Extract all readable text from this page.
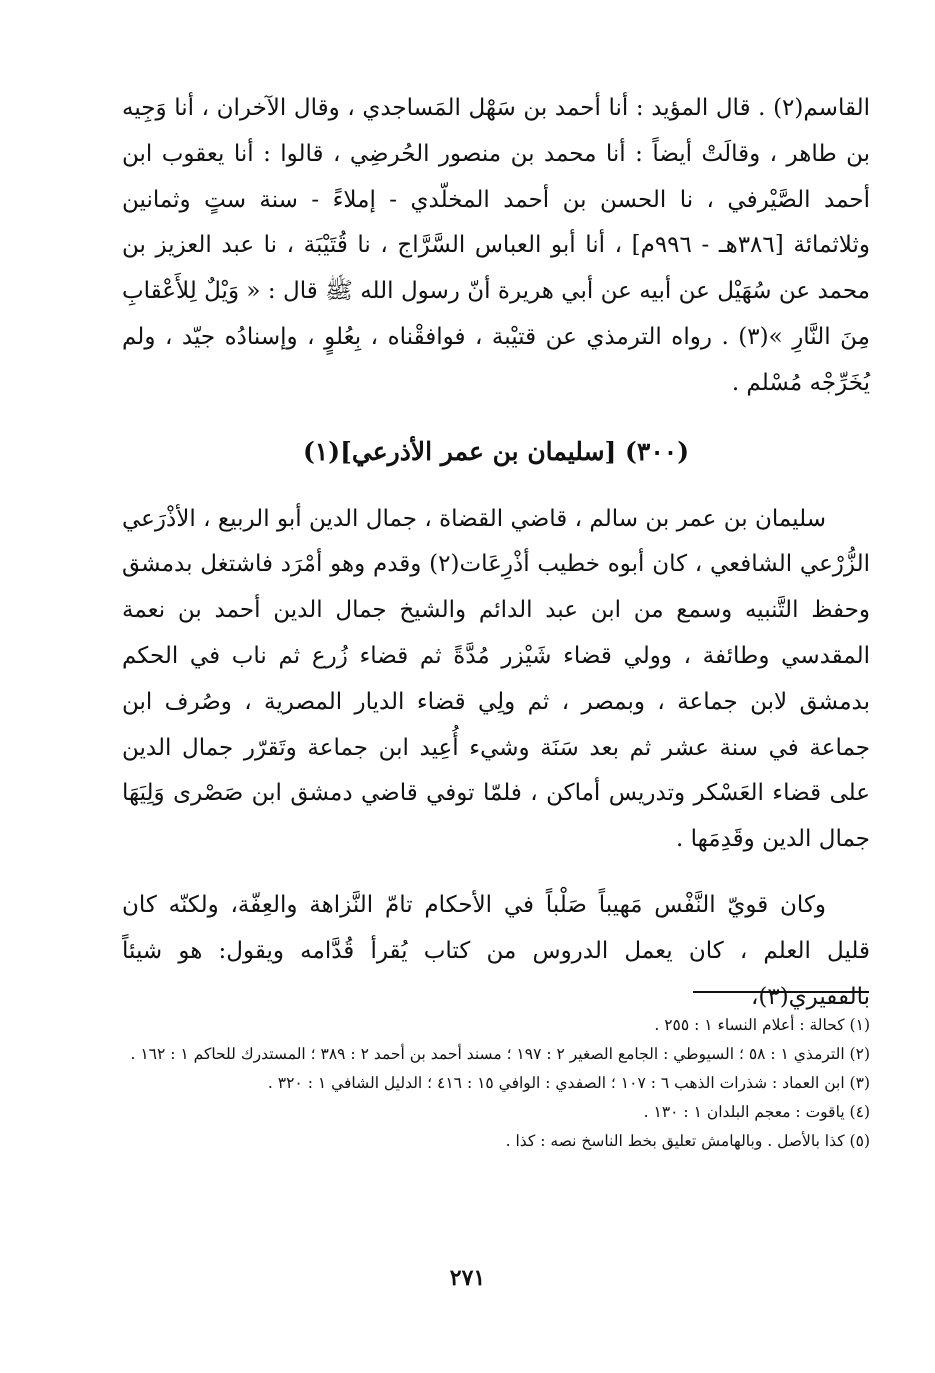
القاسم(٢) . قال المؤيد : أنا أحمد بن سَهْل المَساجدي ، وقال الآخران ، أنا وَجِيه بن طاهر ، وقالَتْ أيضاً : أنا محمد بن منصور الحُرضِي ، قالوا : أنا يعقوب ابن أحمد الصَّيْرفي ، نا الحسن بن أحمد المخلّدي - إملاءً - سنة ستٍ وثمانين وثلاثمائة [٣٨٦هـ - ٩٩٦م] ، أنا أبو العباس السَّرَّاج ، نا قُتَيْبَة ، نا عبد العزيز بن محمد عن سُهَيْل عن أبيه عن أبي هريرة أنّ رسول الله ﷺ قال : « وَيْلٌ لِلأَعْقابِ مِنَ النَّارِ »(٣) . رواه الترمذي عن قتيْبة ، فوافقْناه ، بِعُلوٍ ، وإسنادُه جيّد ، ولم يُخَرِّجْه مُسْلم .

(٣٠٠) [سليمان بن عمر الأذرعي](١)

سليمان بن عمر بن سالم ، قاضي القضاة ، جمال الدين أبو الربيع ، الأذْرَعي الزُّرْعي الشافعي ، كان أبوه خطيب أذْرِعَات(٢) وقدم وهو أمْرَد فاشتغل بدمشق وحفظ التَّنبيه وسمع من ابن عبد الدائم والشيخ جمال الدين أحمد بن نعمة المقدسي وطائفة ، وولي قضاء شَيْزر مُدَّةً ثم قضاء زُرع ثم ناب في الحكم بدمشق لابن جماعة ، وبمصر ، ثم ولِي قضاء الديار المصرية ، وصُرف ابن جماعة في سنة عشر ثم بعد سَنَة وشيء أُعِيد ابن جماعة وتَقرّر جمال الدين على قضاء العَسْكر وتدريس أماكن ، فلمّا توفي قاضي دمشق ابن صَصْرى وَلِيَهَا جمال الدين وقَدِمَها .

وكان قويّ النَّفْس مَهيباً صَلْباً في الأحكام تامّ النَّزاهة والعِفّة، ولكنّه كان قليل العلم ، كان يعمل الدروس من كتاب يُقرأ قُدَّامه ويقول: هو شيئاً بالفقيري(٣)،

(١) كحالة : أعلام النساء ١ : ٢٥٥ .
(٢) الترمذي ١ : ٥٨ ؛ السيوطي : الجامع الصغير ٢ : ١٩٧ ؛ مسند أحمد بن أحمد ٢ : ٣٨٩ ؛ المستدرك للحاكم ١ : ١٦٢ .
(٣) ابن العماد : شذرات الذهب ٦ : ١٠٧ ؛ الصفدي : الوافي ١٥ : ٤١٦ ؛ الدليل الشافي ١ : ٣٢٠ .
(٤) ياقوت : معجم البلدان ١ : ١٣٠ .
(٥) كذا بالأصل . وبالهامش تعليق بخط الناسخ نصه : كذا .
٢٧١
